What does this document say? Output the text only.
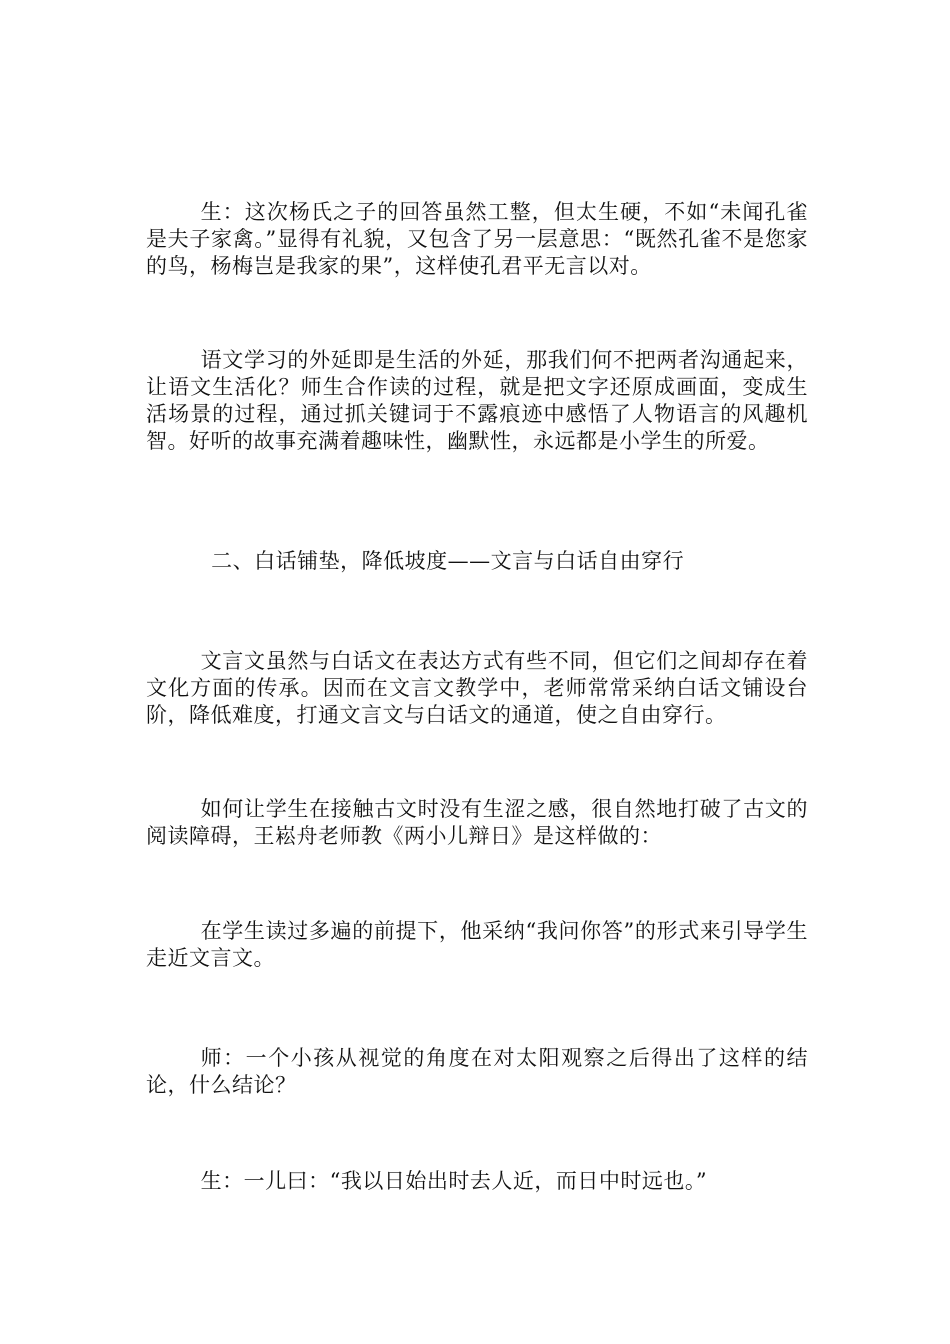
生：这次杨氏之子的回答虽然工整，但太生硬，不如“未闻孔雀是夫子家禽。”显得有礼貌，又包含了另一层意思：“既然孔雀不是您家的鸟，杨梅岂是我家的果”，这样使孔君平无言以对。

语文学习的外延即是生活的外延，那我们何不把两者沟通起来，让语文生活化？师生合作读的过程，就是把文字还原成画面，变成生活场景的过程，通过抓关键词于不露痕迹中感悟了人物语言的风趣机智。好听的故事充满着趣味性，幽默性，永远都是小学生的所爱。

二、白话铺垫，降低坡度——文言与白话自由穿行

文言文虽然与白话文在表达方式有些不同，但它们之间却存在着文化方面的传承。因而在文言文教学中，老师常常采纳白话文铺设台阶，降低难度，打通文言文与白话文的通道，使之自由穿行。

如何让学生在接触古文时没有生涩之感，很自然地打破了古文的阅读障碍，王崧舟老师教《两小儿辩日》是这样做的：

在学生读过多遍的前提下，他采纳“我问你答”的形式来引导学生走近文言文。

师：一个小孩从视觉的角度在对太阳观察之后得出了这样的结论，什么结论？

生：一儿曰：“我以日始出时去人近，而日中时远也。”
